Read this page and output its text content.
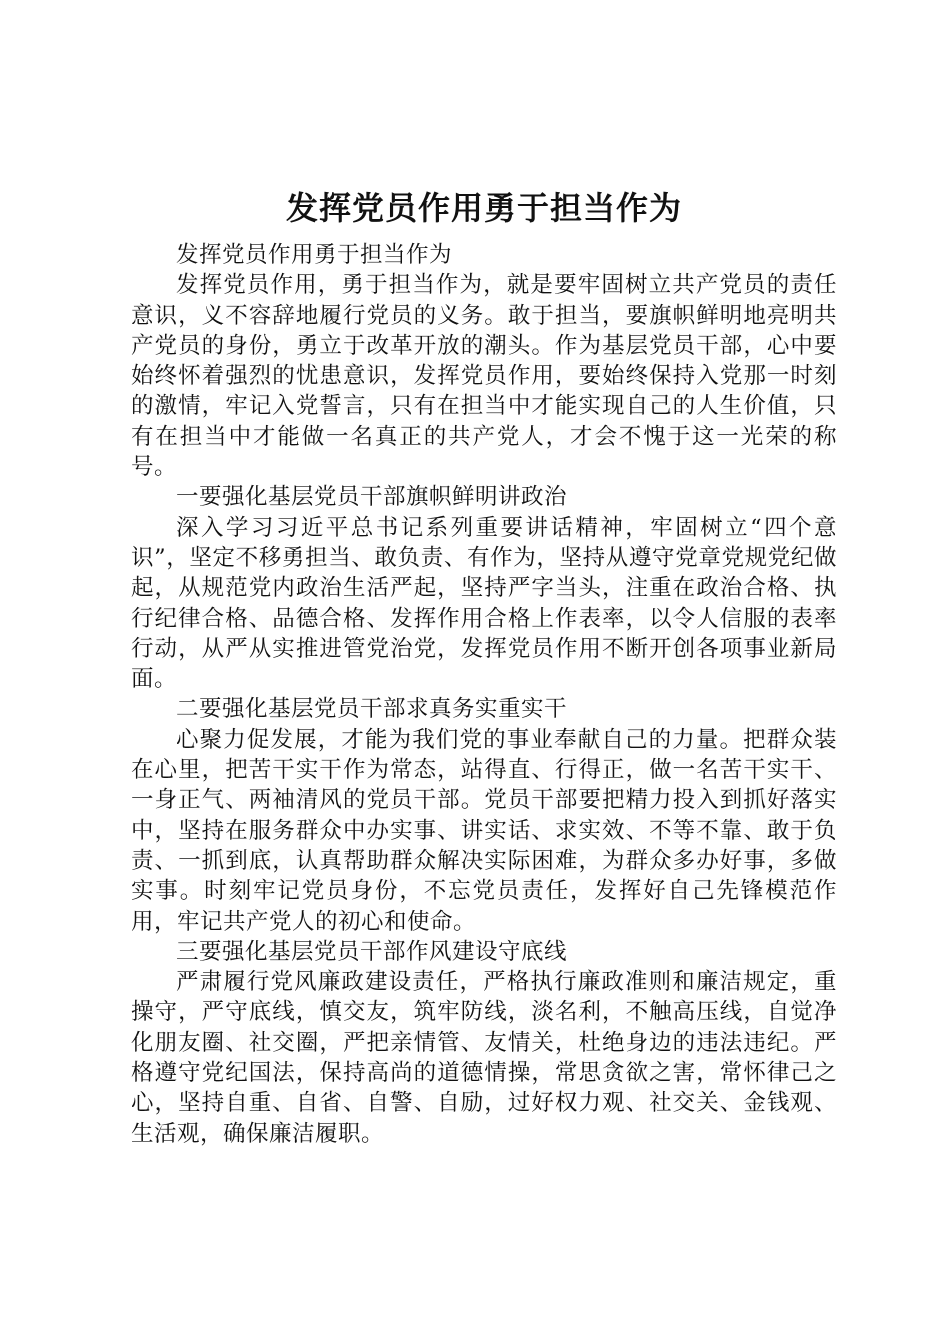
发挥党员作用勇于担当作为

发挥党员作用勇于担当作为

发挥党员作用，勇于担当作为，就是要牢固树立共产党员的责任意识，义不容辞地履行党员的义务。敢于担当，要旗帜鲜明地亮明共产党员的身份，勇立于改革开放的潮头。作为基层党员干部，心中要始终怀着强烈的忧患意识，发挥党员作用，要始终保持入党那一时刻的激情，牢记入党誓言，只有在担当中才能实现自己的人生价值，只有在担当中才能做一名真正的共产党人，才会不愧于这一光荣的称号。

一要强化基层党员干部旗帜鲜明讲政治

深入学习习近平总书记系列重要讲话精神，牢固树立“四个意识”，坚定不移勇担当、敢负责、有作为，坚持从遵守党章党规党纪做起，从规范党内政治生活严起，坚持严字当头，注重在政治合格、执行纪律合格、品德合格、发挥作用合格上作表率，以令人信服的表率行动，从严从实推进管党治党，发挥党员作用不断开创各项事业新局面。

二要强化基层党员干部求真务实重实干

心聚力促发展，才能为我们党的事业奉献自己的力量。把群众装在心里，把苦干实干作为常态，站得直、行得正，做一名苦干实干、一身正气、两袖清风的党员干部。党员干部要把精力投入到抓好落实中，坚持在服务群众中办实事、讲实话、求实效、不等不靠、敢于负责、一抓到底，认真帮助群众解决实际困难，为群众多办好事，多做实事。时刻牢记党员身份，不忘党员责任，发挥好自己先锋模范作用，牢记共产党人的初心和使命。

三要强化基层党员干部作风建设守底线

严肃履行党风廉政建设责任，严格执行廉政准则和廉洁规定，重操守，严守底线，慎交友，筑牢防线，淡名利，不触高压线，自觉净化朋友圈、社交圈，严把亲情管、友情关，杜绝身边的违法违纪。严格遵守党纪国法，保持高尚的道德情操，常思贪欲之害，常怀律己之心，坚持自重、自省、自警、自励，过好权力观、社交关、金钱观、生活观，确保廉洁履职。
